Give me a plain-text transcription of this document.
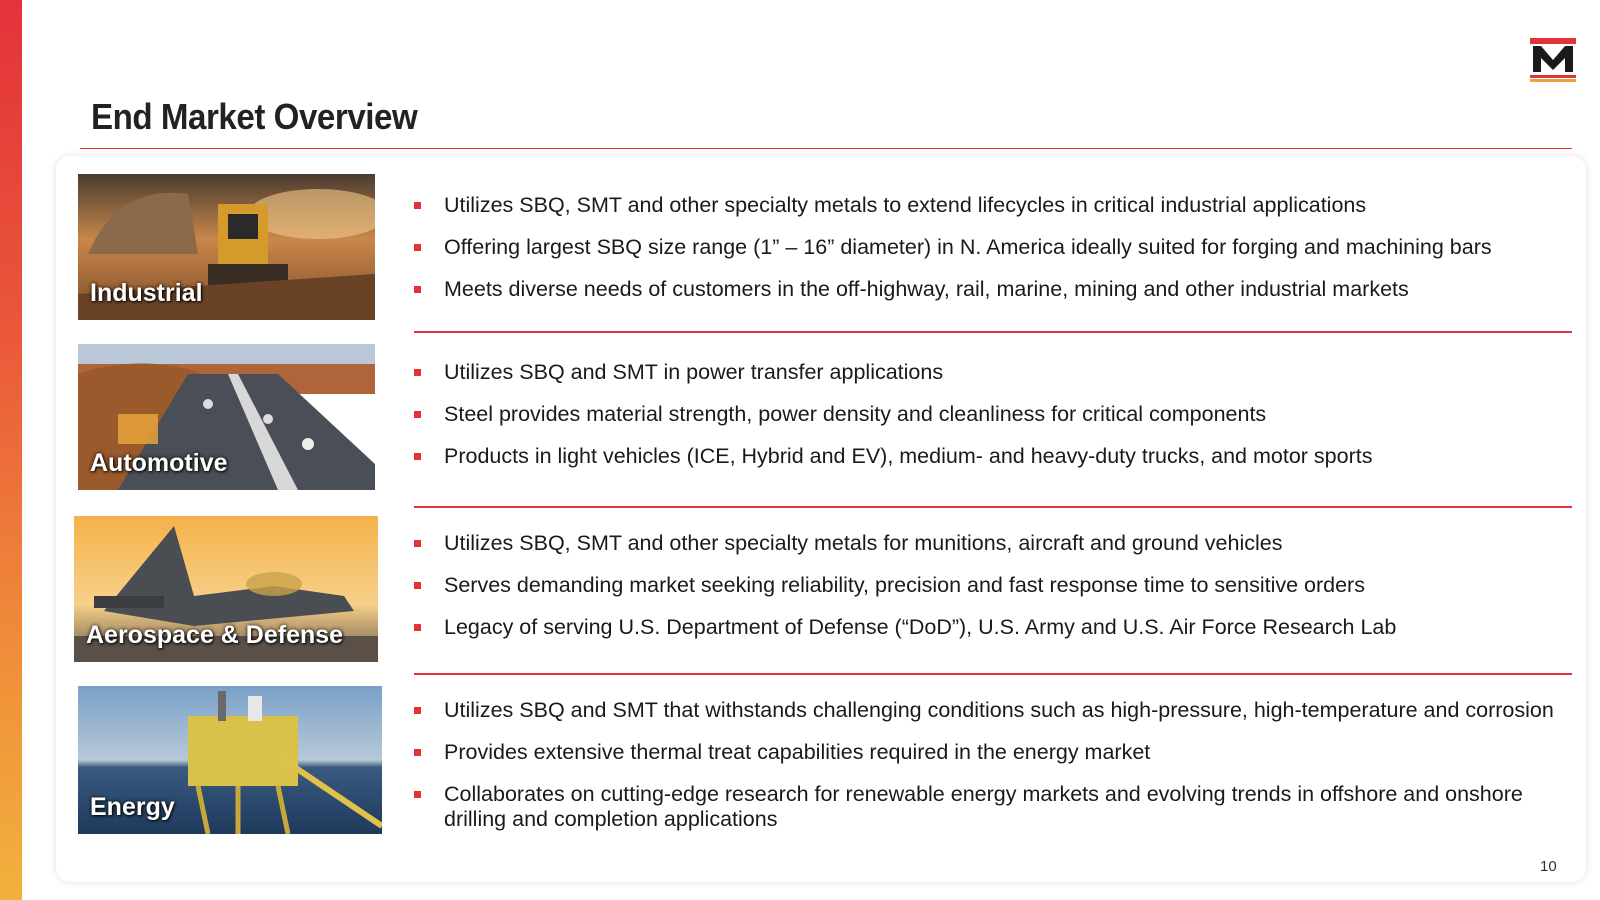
End Market Overview
Industrial
Utilizes SBQ, SMT and other specialty metals to extend lifecycles in critical industrial applications
Offering largest SBQ size range (1” – 16” diameter) in N. America ideally suited for forging and machining bars
Meets diverse needs of customers in the off-highway, rail, marine, mining and other industrial markets
Automotive
Utilizes SBQ and SMT in power transfer applications
Steel provides material strength, power density and cleanliness for critical components
Products in light vehicles (ICE, Hybrid and EV), medium- and heavy-duty trucks, and motor sports
Aerospace & Defense
Utilizes SBQ, SMT and other specialty metals for munitions, aircraft and ground vehicles
Serves demanding market seeking reliability, precision and fast response time to sensitive orders
Legacy of serving U.S. Department of Defense (“DoD”), U.S. Army and U.S. Air Force Research Lab
Energy
Utilizes SBQ and SMT that withstands challenging conditions such as high-pressure, high-temperature and corrosion
Provides extensive thermal treat capabilities required in the energy market
Collaborates on cutting-edge research for renewable energy markets and evolving trends in offshore and onshore drilling and completion applications
10
